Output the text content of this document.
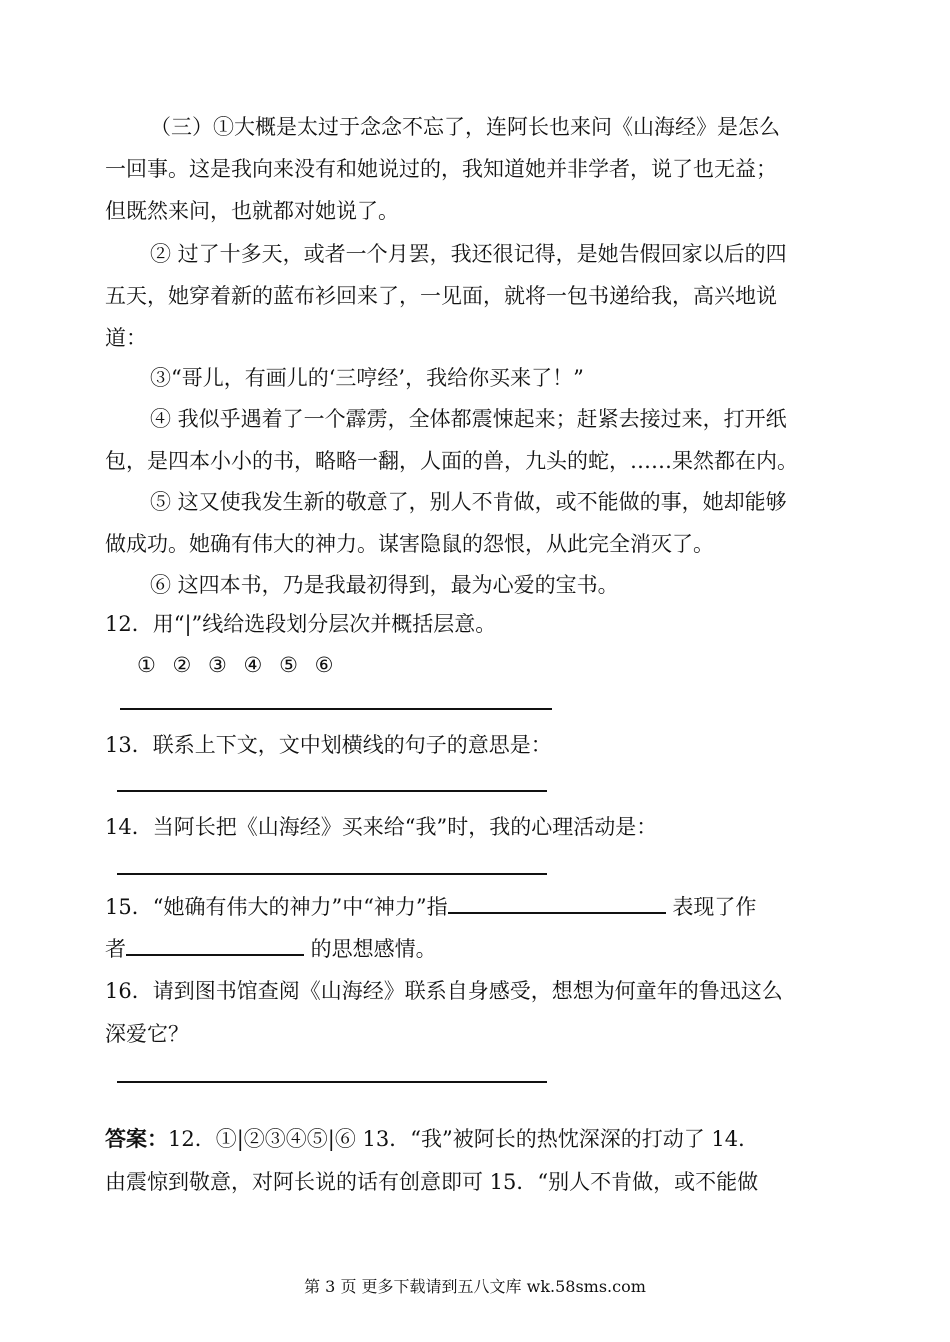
（三）①大概是太过于念念不忘了，连阿长也来问《山海经》是怎么
一回事。这是我向来没有和她说过的，我知道她并非学者，说了也无益；
但既然来问，也就都对她说了。
② 过了十多天，或者一个月罢，我还很记得，是她告假回家以后的四
五天，她穿着新的蓝布衫回来了，一见面，就将一包书递给我，高兴地说
道：
③“哥儿，有画儿的‘三哼经’，我给你买来了！”
④ 我似乎遇着了一个霹雳，全体都震悚起来；赶紧去接过来，打开纸
包，是四本小小的书，略略一翻，人面的兽，九头的蛇，……果然都在内。
⑤ 这又使我发生新的敬意了，别人不肯做，或不能做的事，她却能够
做成功。她确有伟大的神力。谋害隐鼠的怨恨，从此完全消灭了。
⑥ 这四本书，乃是我最初得到，最为心爱的宝书。
12．用“|”线给选段划分层次并概括层意。
① ② ③ ④ ⑤ ⑥
13．联系上下文，文中划横线的句子的意思是：
14．当阿长把《山海经》买来给“我”时，我的心理活动是：
15．“她确有伟大的神力”中“神力”指	表现了作
者	的思想感情。
16．请到图书馆查阅《山海经》联系自身感受，想想为何童年的鲁迅这么
深爱它？
答案：12．①|②③④⑤|⑥ 13．“我”被阿长的热忱深深的打动了 14．
由震惊到敬意，对阿长说的话有创意即可 15．“别人不肯做，或不能做
第 3 页 更多下载请到五八文库 wk.58sms.com
